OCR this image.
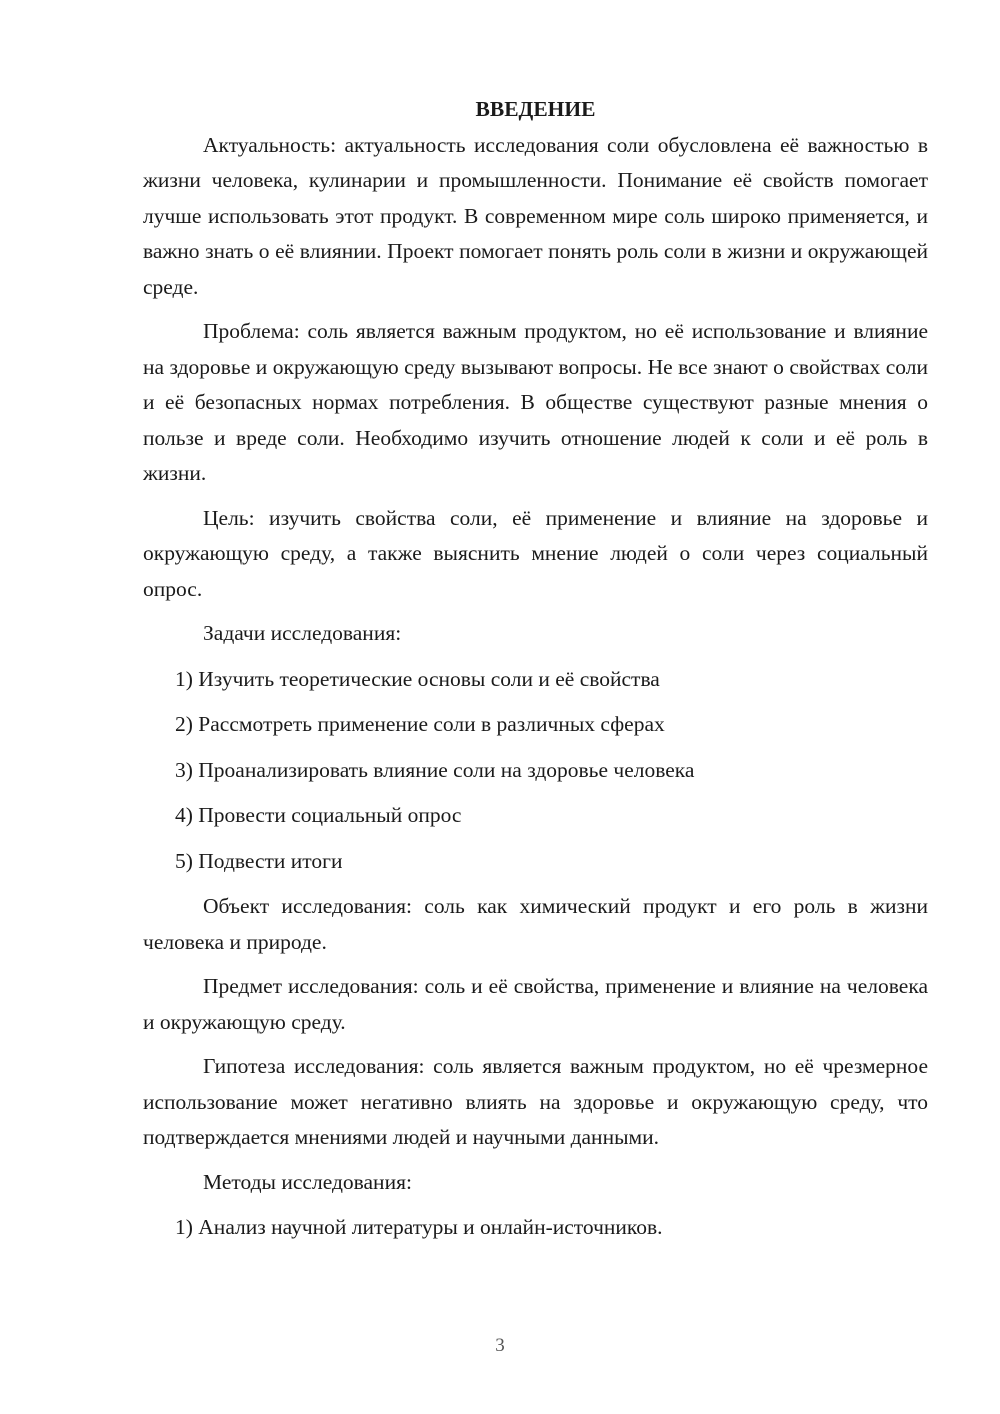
ВВЕДЕНИЕ

Актуальность: актуальность исследования соли обусловлена её важностью в жизни человека, кулинарии и промышленности. Понимание её свойств помогает лучше использовать этот продукт. В современном мире соль широко применяется, и важно знать о её влиянии. Проект помогает понять роль соли в жизни и окружающей среде.

Проблема: соль является важным продуктом, но её использование и влияние на здоровье и окружающую среду вызывают вопросы. Не все знают о свойствах соли и её безопасных нормах потребления. В обществе существуют разные мнения о пользе и вреде соли. Необходимо изучить отношение людей к соли и её роль в жизни.

Цель: изучить свойства соли, её применение и влияние на здоровье и окружающую среду, а также выяснить мнение людей о соли через социальный опрос.

Задачи исследования:

1) Изучить теоретические основы соли и её свойства
2) Рассмотреть применение соли в различных сферах
3) Проанализировать влияние соли на здоровье человека
4) Провести социальный опрос
5) Подвести итоги

Объект исследования: соль как химический продукт и его роль в жизни человека и природе.

Предмет исследования: соль и её свойства, применение и влияние на человека и окружающую среду.

Гипотеза исследования: соль является важным продуктом, но её чрезмерное использование может негативно влиять на здоровье и окружающую среду, что подтверждается мнениями людей и научными данными.

Методы исследования:

1) Анализ научной литературы и онлайн-источников.
3
